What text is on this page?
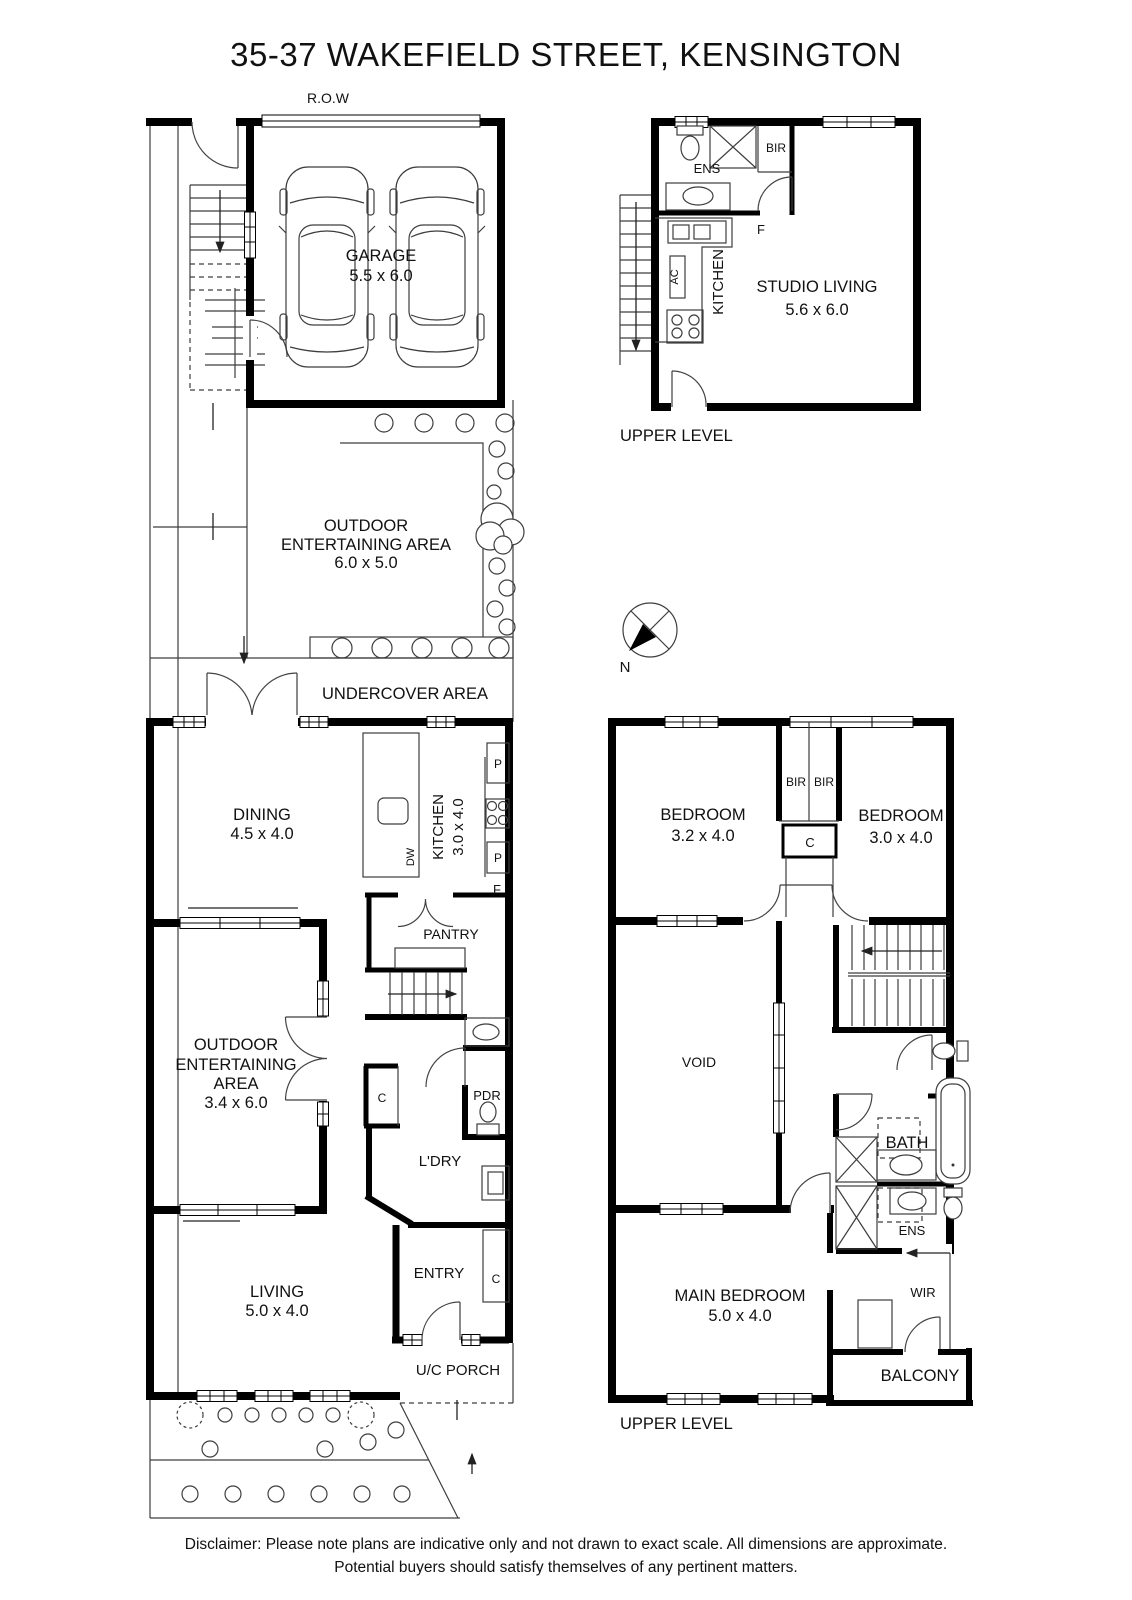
35-37 WAKEFIELD STREET, KENSINGTON
R.O.W
GARAGE
5.5 x 6.0
OUTDOOR
ENTERTAINING AREA
6.0 x 5.0
UNDERCOVER AREA
DINING
4.5 x 4.0	KITCHEN 3.0 x 4.0
DW
P
P
F
PANTRY
OUTDOOR
ENTERTAINING
AREA
3.4 x 6.0	C	PDR
L'DRY
LIVING
5.0 x 4.0
ENTRY C
U/C PORCH
ENS
BIR
F
AC KITCHEN STUDIO LIVING
5.6 x 6.0
UPPER LEVEL
N
BEDROOM
3.2 x 4.0
BIR BIR
C
BEDROOM
3.0 x 4.0
VOID
BATH
ENS
MAIN BEDROOM
5.0 x 4.0
WIR
BALCONY
UPPER LEVEL
Disclaimer: Please note plans are indicative only and not drawn to exact scale. All dimensions are approximate.
Potential buyers should satisfy themselves of any pertinent matters.
